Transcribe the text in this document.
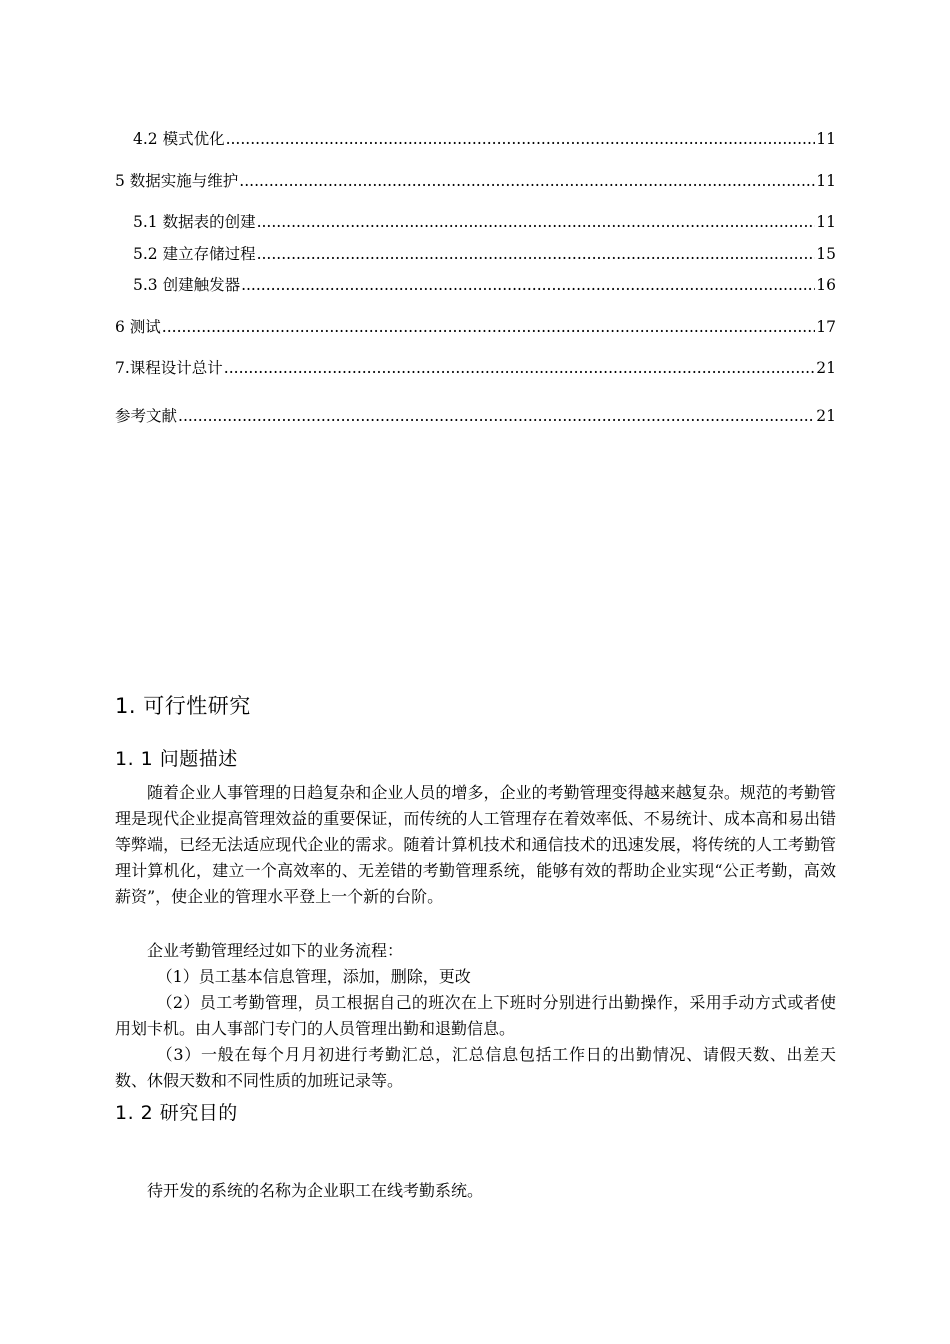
4.2 模式优化 .....	11
5 数据实施与维护 .....	11
5.1 数据表的创建 .....	11
5.2 建立存储过程 .....	15
5.3 创建触发器 .....	16
6 测试 .....	17
7.课程设计总计 .....	21
参考文献 .....	21
1. 可行性研究
1. 1 问题描述

随着企业人事管理的日趋复杂和企业人员的增多，企业的考勤管理变得越来越复杂。规范的考勤管理是现代企业提高管理效益的重要保证，而传统的人工管理存在着效率低、不易统计、成本高和易出错等弊端，已经无法适应现代企业的需求。随着计算机技术和通信技术的迅速发展，将传统的人工考勤管理计算机化，建立一个高效率的、无差错的考勤管理系统，能够有效的帮助企业实现“公正考勤，高效薪资”，使企业的管理水平登上一个新的台阶。

企业考勤管理经过如下的业务流程：

（1）员工基本信息管理，添加，删除，更改

（2）员工考勤管理，员工根据自己的班次在上下班时分别进行出勤操作，采用手动方式或者使用划卡机。由人事部门专门的人员管理出勤和退勤信息。

（3）一般在每个月月初进行考勤汇总，汇总信息包括工作日的出勤情况、请假天数、出差天数、休假天数和不同性质的加班记录等。

1. 2 研究目的

待开发的系统的名称为企业职工在线考勤系统。
